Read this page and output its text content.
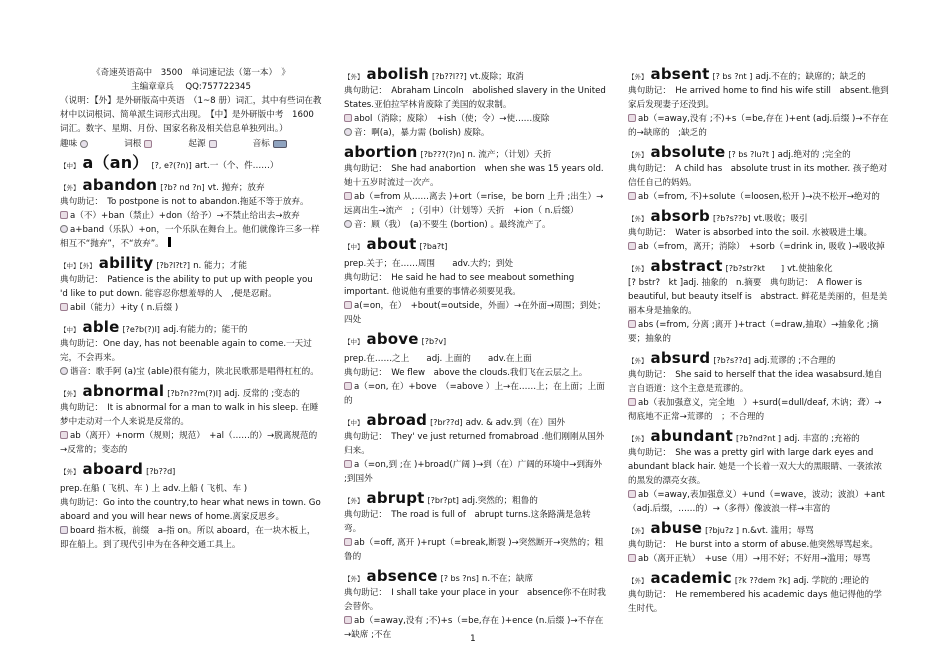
《奇速英语高中　3500　单词速记法（第一本）　》

主编章章兵　 QQ:757722345

（说明：【外】是外研版高中英语　（1~8 册）词汇，其中有些词在教材中以词根词、简单派生词形式出现。　【中】是外研版中考　1600 词汇。数字、星期、月份、国家名称及相关信息单独列出。）

趣味	词根	起源	音标
【中】 a（an） [?, e?(?n)] art.一（个、件……）
【外】 abandon [?b? nd ?n] vt. 抛弃；放弃

典句助记：　To postpone is not to abandon.拖延不等于放弃。

a（不）+ban（禁止）+don（给予）→不禁止给出去→放弃

a+band（乐队）+on，一个乐队在舞台上。他们就像许三多一样相互不“抛弃”，不“放弃”。

【中】【外】 ability [?b?l?t?] n. 能力；才能

典句助记：　Patience is the ability to put up with people you 'd like to put down. 能容忍你想羞辱的人　,便是忍耐。

abil（能力）+ity ( n.后缀 )

【中】 able [?e?b(?)l] adj.有能力的；能干的

典句助记：One day, has not beenable again to come.一天过完，不会再来。

谐音：歌手阿 (a)宝 (able)很有能力，陕北民歌那是唱得杠杠的。

【外】 abnormal [?b?n??m(?)l] adj. 反常的 ;变态的

典句助记：　It is abnormal for a man to walk in his sleep. 在睡梦中走动对一个人来说是反常的。

ab（离开）+norm（规则；规范）　+al（……的）→脱离规范的→反常的；变态的

【外】 aboard [?b??d]
prep.在船 ( 飞机、车 ) 上 adv.上船 ( 飞机、车 )

典句助记：Go into the country,to hear what news in town. Go aboard and you will hear news of home.离家反思乡。

board 指木板，前缀　a-指 on。所以 aboard，在一块木板上，即在船上。到了现代引申为在各种交通工具上。

【外】 abolish [?b??l??] vt.废除；取消

典句助记：　Abraham Lincoln　abolished slavery in the United States.亚伯拉罕林肯废除了美国的奴隶制。

abol（消除；废除）　+ish（使；令）→使……废除

音：啊(a)，暴力需 (bolish) 废除。

abortion [?b???(?)n] n. 流产；（计划）夭折

典句助记：　She had anabortion　when she was 15 years old. 她十五岁时流过一次产。

ab（=from 从……离去 )+ort（=rise，be born 上升 ;出生）→远离出生→流产　;（引申）（计划等）夭折　+ion（ n.后缀）

音：顾（我）　(a)不要生 (bortion) 。最终流产了。

【中】 about [?ba?t]
prep.关于；在……周围　　adv.大约；到处

典句助记：　He said he had to see meabout something important. 他说他有重要的事情必须要见我。

a(=on，在）　+bout(=outside，外面）→在外面→周围；到处；四处

【中】 above [?b?v]
prep.在……之上　　adj. 上面的　　adv.在上面

典句助记：　We flew　above the clouds.我们飞在云层之上。

a（=on, 在）+bove　（=above ）上→在……上；在上面；上面的

【中】 abroad [?br??d] adv. & adv.到（在）国外

典句助记：　They' ve just returned fromabroad .他们刚刚从国外归来。

a（=on,到 ;在 )+broad(广阔 )→到（在）广阔的环境中→到海外 ;到国外

【外】 abrupt [?br?pt] adj.突然的；粗鲁的

典句助记：　The road is full of　abrupt turns.这条路满是急转弯。

ab（=off, 离开 )+rupt（=break,断裂 )→突然断开→突然的；粗鲁的

【外】 absence [? bs ?ns] n.不在；缺席

典句助记：　I shall take your place in your　absence你不在时我会替你。

ab（=away,没有 ;不)+s（=be,存在 )+ence (n.后缀 )→不存在→缺席 ;不在

【外】 absent [? bs ?nt ] adj.不在的；缺席的；缺乏的

典句助记：　He arrived home to find his wife still　absent.他到家后发现妻子还没到。

ab（=away,没有 ;不)+s（=be,存在 )+ent (adj.后缀 )→不存在的→缺席的　;缺乏的

【外】 absolute [? bs ?lu?t ] adj.绝对的 ;完全的

典句助记：　A child has　absolute trust in its mother. 孩子绝对信任自己的妈妈。

ab（=from, 不)+solute（=loosen,松开 )→决不松开→绝对的

【外】 absorb [?b?s??b] vt.吸收；吸引

典句助记：　Water is absorbed into the soil. 水被吸进土壤。

ab（=from，离开；消除）　+sorb（=drink in, 吸收 )→吸收掉

【外】 abstract [?b?str?kt　　] vt.使抽象化

[? bstr?　kt ]adj. 抽象的　n.摘要　典句助记：　A flower is beautiful, but beauty itself is　abstract. 鲜花是美丽的，但是美丽本身是抽象的。

abs (=from, 分离 ;离开 )+tract（=draw,抽取）→抽象化 ;摘要；抽象的

【外】 absurd [?b?s??d] adj.荒谬的 ;不合理的

典句助记：　She said to herself that the idea wasabsurd.她自言自语道：这个主意是荒谬的。

ab（表加强意义，完全地　）+surd(=dull/deaf, 木讷；聋）→彻底地不正常→荒谬的　；不合理的

【外】 abundant [?b?nd?nt ] adj. 丰富的 ;充裕的

典句助记：　She was a pretty girl with large dark eyes and abundant black hair. 她是一个长着一双大大的黑眼睛、一袭浓浓的黑发的漂亮女孩。

ab（=away,表加强意义）+und（=wave，波动；波浪）+ant（adj.后缀，……的）→（多得）像波浪一样→丰富的

【外】 abuse [?bju?z ] n.&vt. 滥用；辱骂

典句助记：　He burst into a storm of abuse.他突然辱骂起来。

ab（离开正轨）　+use（用）→用不好；不好用→滥用；辱骂

【外】 academic [?k ??dem ?k] adj. 学院的 ;理论的

典句助记：　He remembered his academic days 他记得他的学生时代。

1
